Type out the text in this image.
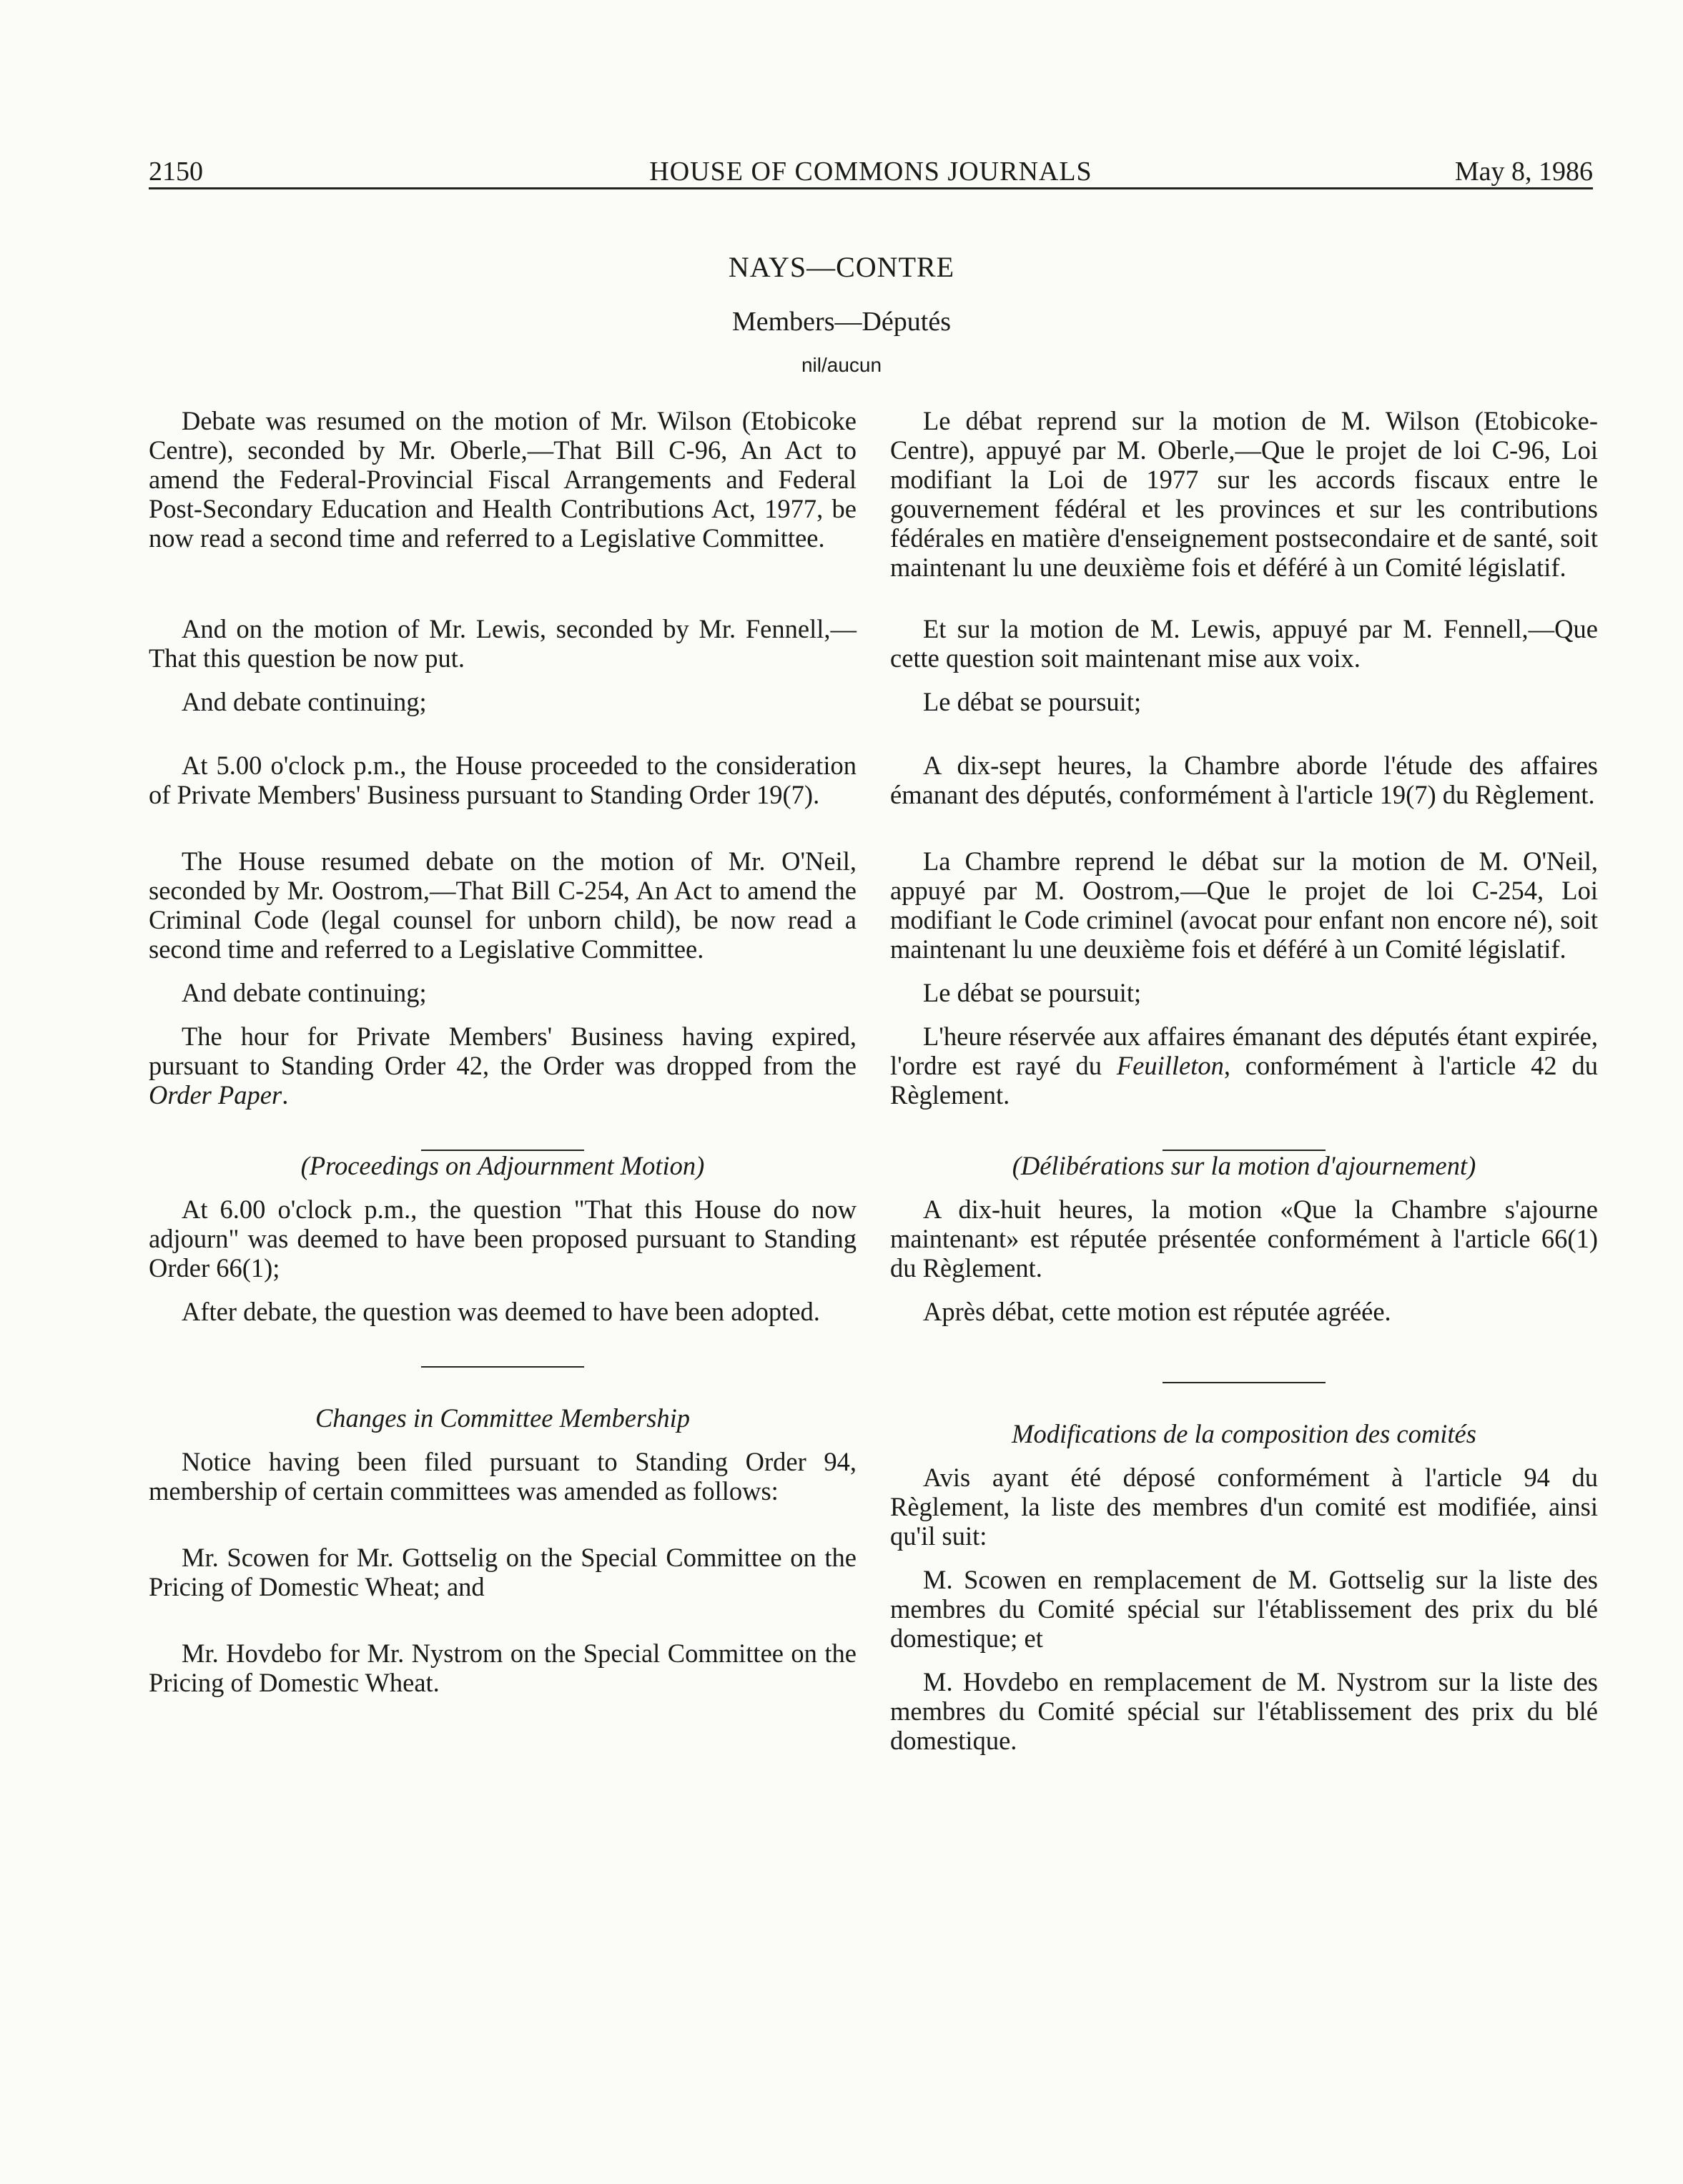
2150	HOUSE OF COMMONS JOURNALS	May 8, 1986
NAYS—CONTRE
Members—Députés
nil/aucun

Debate was resumed on the motion of Mr. Wilson (Etobicoke Centre), seconded by Mr. Oberle,—That Bill C-96, An Act to amend the Federal-Provincial Fiscal Arrangements and Federal Post-Secondary Education and Health Contributions Act, 1977, be now read a second time and referred to a Legislative Committee.

And on the motion of Mr. Lewis, seconded by Mr. Fennell,—That this question be now put.

And debate continuing;

At 5.00 o'clock p.m., the House proceeded to the consideration of Private Members' Business pursuant to Standing Order 19(7).

The House resumed debate on the motion of Mr. O'Neil, seconded by Mr. Oostrom,—That Bill C-254, An Act to amend the Criminal Code (legal counsel for unborn child), be now read a second time and referred to a Legislative Committee.

And debate continuing;

The hour for Private Members' Business having expired, pursuant to Standing Order 42, the Order was dropped from the Order Paper.

(Proceedings on Adjournment Motion)

At 6.00 o'clock p.m., the question "That this House do now adjourn" was deemed to have been proposed pursuant to Standing Order 66(1);

After debate, the question was deemed to have been adopted.

Changes in Committee Membership

Notice having been filed pursuant to Standing Order 94, membership of certain committees was amended as follows:

Mr. Scowen for Mr. Gottselig on the Special Committee on the Pricing of Domestic Wheat; and

Mr. Hovdebo for Mr. Nystrom on the Special Committee on the Pricing of Domestic Wheat.

Le débat reprend sur la motion de M. Wilson (Etobicoke-Centre), appuyé par M. Oberle,—Que le projet de loi C-96, Loi modifiant la Loi de 1977 sur les accords fiscaux entre le gouvernement fédéral et les provinces et sur les contributions fédérales en matière d'enseignement postsecondaire et de santé, soit maintenant lu une deuxième fois et déféré à un Comité législatif.

Et sur la motion de M. Lewis, appuyé par M. Fennell,—Que cette question soit maintenant mise aux voix.

Le débat se poursuit;

A dix-sept heures, la Chambre aborde l'étude des affaires émanant des députés, conformément à l'article 19(7) du Règlement.

La Chambre reprend le débat sur la motion de M. O'Neil, appuyé par M. Oostrom,—Que le projet de loi C-254, Loi modifiant le Code criminel (avocat pour enfant non encore né), soit maintenant lu une deuxième fois et déféré à un Comité législatif.

Le débat se poursuit;

L'heure réservée aux affaires émanant des députés étant expirée, l'ordre est rayé du Feuilleton, conformément à l'article 42 du Règlement.

(Délibérations sur la motion d'ajournement)

A dix-huit heures, la motion «Que la Chambre s'ajourne maintenant» est réputée présentée conformément à l'article 66(1) du Règlement.

Après débat, cette motion est réputée agréée.

Modifications de la composition des comités

Avis ayant été déposé conformément à l'article 94 du Règlement, la liste des membres d'un comité est modifiée, ainsi qu'il suit:

M. Scowen en remplacement de M. Gottselig sur la liste des membres du Comité spécial sur l'établissement des prix du blé domestique; et

M. Hovdebo en remplacement de M. Nystrom sur la liste des membres du Comité spécial sur l'établissement des prix du blé domestique.
